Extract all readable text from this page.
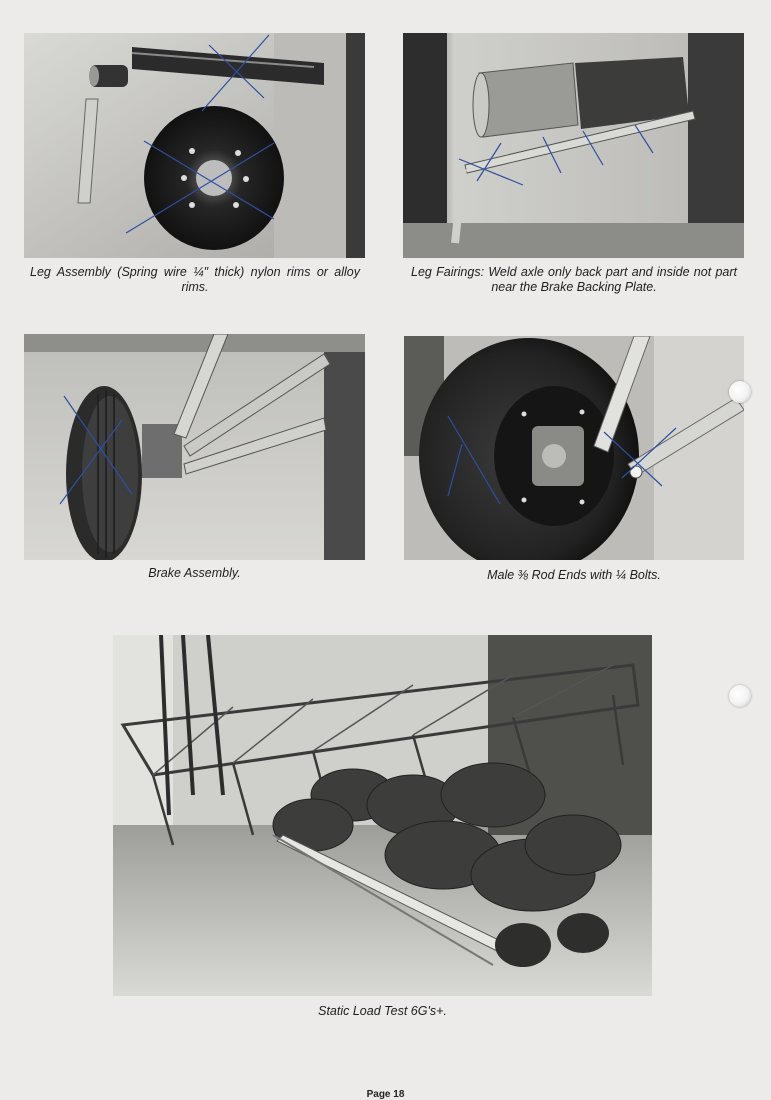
Leg Assembly (Spring wire ¼" thick) nylon rims or alloy rims.
Leg Fairings: Weld axle only back part and inside not part near the Brake Backing Plate.
Brake Assembly.	Male ⅜ Rod Ends with ¼ Bolts.
Static Load Test 6G's+.
Page 18
